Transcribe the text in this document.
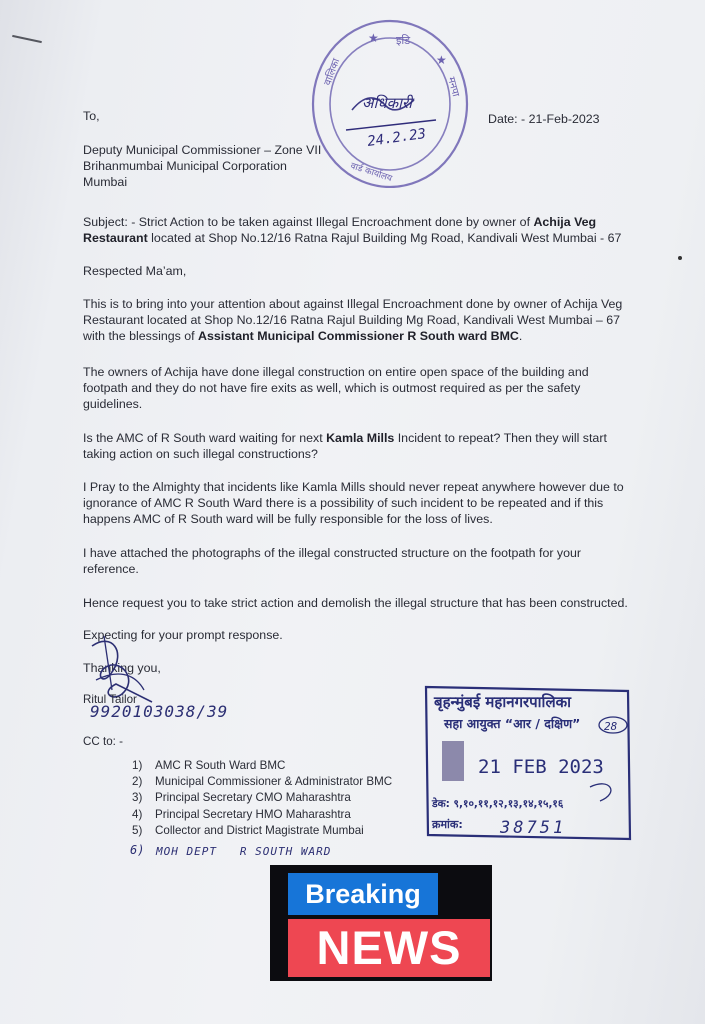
★ इडि
★
वालिका	मनपा
वार्ड कार्यालय
अधिकारी
24.2.23
To,	Date: - 21-Feb-2023
Deputy Municipal Commissioner – Zone VII
Brihanmumbai Municipal Corporation
Mumbai
Subject: - Strict Action to be taken against Illegal Encroachment done by owner of Achija Veg
Restaurant located at Shop No.12/16 Ratna Rajul Building Mg Road, Kandivali West Mumbai - 67
Respected Ma’am,
This is to bring into your attention about against Illegal Encroachment done by owner of Achija Veg
Restaurant located at Shop No.12/16 Ratna Rajul Building Mg Road, Kandivali West Mumbai – 67
with the blessings of Assistant Municipal Commissioner R South ward BMC.
The owners of Achija have done illegal construction on entire open space of the building and
footpath and they do not have fire exits as well, which is outmost required as per the safety
guidelines.
Is the AMC of R South ward waiting for next Kamla Mills Incident to repeat? Then they will start
taking action on such illegal constructions?
I Pray to the Almighty that incidents like Kamla Mills should never repeat anywhere however due to
ignorance of AMC R South Ward there is a possibility of such incident to be repeated and if this
happens AMC of R South ward will be fully responsible for the loss of lives.
I have attached the photographs of the illegal constructed structure on the footpath for your
reference.
Hence request you to take strict action and demolish the illegal structure that has been constructed.
Expecting for your prompt response.
Thanking you,
Ritul Tailor
9920103038/39
CC to: -
1)	AMC R South Ward BMC
2)	Municipal Commissioner & Administrator BMC
3)	Principal Secretary CMO Maharashtra
4)	Principal Secretary HMO Maharashtra
5)	Collector and District Magistrate Mumbai
6) MOH DEPT   R SOUTH WARD
बृहन्मुंबई महानगरपालिका
सहा आयुक्त “आर / दक्षिण” 28
21 FEB 2023
डेक: ९,१०,११,१२,१३,१४,१५,१६
क्रमांक: 38751
Breaking
NEWS
